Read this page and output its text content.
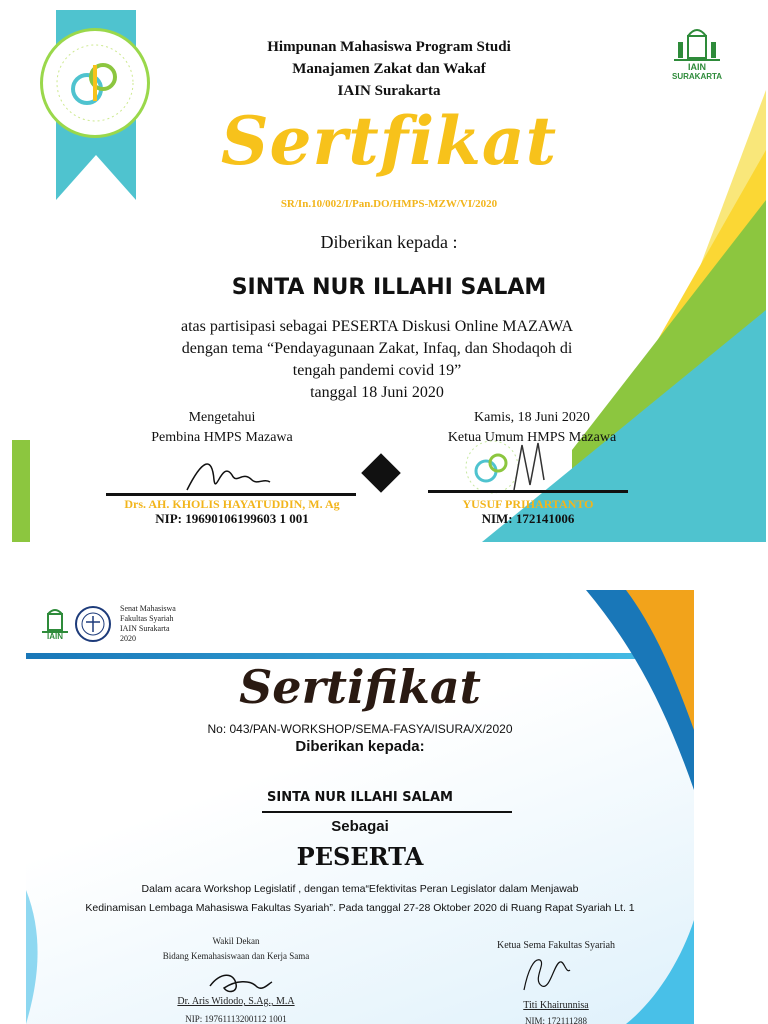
IAIN
SURAKARTA
Himpunan Mahasiswa Program Studi
Manajamen Zakat dan Wakaf
IAIN Surakarta
Sertfikat
SR/In.10/002/I/Pan.DO/HMPS-MZW/VI/2020
Diberikan kepada :
SINTA NUR ILLAHI SALAM
atas partisipasi sebagai PESERTA Diskusi Online MAZAWA
dengan tema “Pendayagunaan Zakat, Infaq, dan Shodaqoh di
tengah pandemi covid 19”
tanggal 18 Juni 2020
Mengetahui
Pembina HMPS Mazawa
Drs. AH. KHOLIS HAYATUDDIN, M. Ag
NIP: 19690106199603 1 001
Kamis, 18 Juni 2020
Ketua Umum HMPS Mazawa
YUSUF PRIHARTANTO
NIM: 172141006
IAIN
Senat Mahasiswa
Fakultas Syariah
IAIN Surakarta
2020
Sertifikat
No: 043/PAN-WORKSHOP/SEMA-FASYA/ISURA/X/2020
Diberikan kepada:
SINTA NUR ILLAHI SALAM
Sebagai
PESERTA
Dalam acara Workshop Legislatif , dengan tema“Efektivitas Peran Legislator dalam Menjawab
Kedinamisan Lembaga Mahasiswa Fakultas Syariah”. Pada tanggal 27-28 Oktober 2020 di Ruang Rapat Syariah Lt. 1
Wakil Dekan
Bidang Kemahasiswaan dan Kerja Sama
Dr. Aris Widodo, S.Ag., M.A
NIP: 19761113200112 1001
Ketua Sema Fakultas Syariah
Titi Khairunnisa
NIM: 172111288
